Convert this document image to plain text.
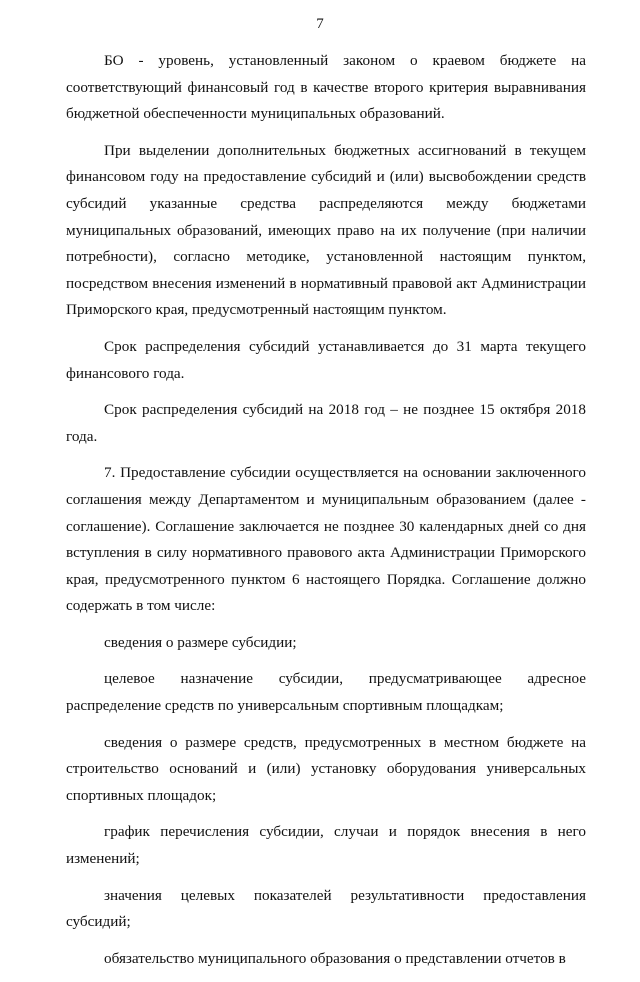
7

БО - уровень, установленный законом о краевом бюджете на соответствующий финансовый год в качестве второго критерия выравнивания бюджетной обеспеченности муниципальных образований.

При выделении дополнительных бюджетных ассигнований в текущем финансовом году на предоставление субсидий и (или) высвобождении средств субсидий указанные средства распределяются между бюджетами муниципальных образований, имеющих право на их получение (при наличии потребности), согласно методике, установленной настоящим пунктом, посредством внесения изменений в нормативный правовой акт Администрации Приморского края, предусмотренный настоящим пунктом.

Срок распределения субсидий устанавливается до 31 марта текущего финансового года.

Срок распределения субсидий на 2018 год – не позднее 15 октября 2018 года.

7. Предоставление субсидии осуществляется на основании заключенного соглашения между Департаментом и муниципальным образованием (далее - соглашение). Соглашение заключается не позднее 30 календарных дней со дня вступления в силу нормативного правового акта Администрации Приморского края, предусмотренного пунктом 6 настоящего Порядка. Соглашение должно содержать в том числе:

сведения о размере субсидии;

целевое назначение субсидии, предусматривающее адресное распределение средств по универсальным спортивным площадкам;

сведения о размере средств, предусмотренных в местном бюджете на строительство оснований и (или) установку оборудования универсальных спортивных площадок;

график перечисления субсидии, случаи и порядок внесения в него изменений;

значения целевых показателей результативности предоставления субсидий;

обязательство муниципального образования о представлении отчетов в
